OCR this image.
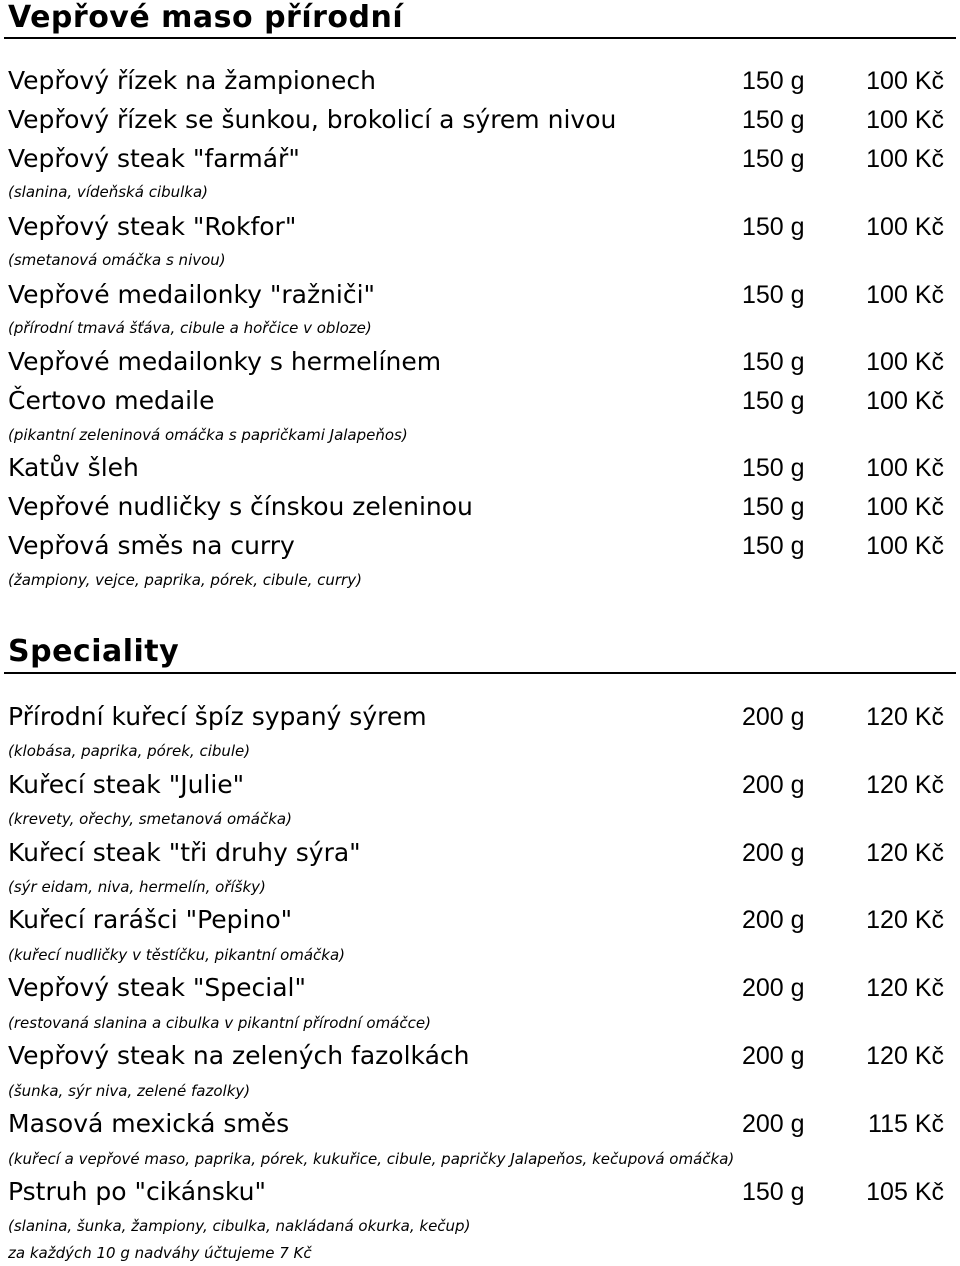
Vepřové maso přírodní
Vepřový řízek na žampionech	150 g 100 Kč
Vepřový řízek se šunkou, brokolicí a sýrem nivou	150 g 100 Kč
Vepřový steak "farmář"	150 g 100 Kč
(slanina, vídeňská cibulka)
Vepřový steak "Rokfor"	150 g 100 Kč
(smetanová omáčka s nivou)
Vepřové medailonky "ražniči"	150 g 100 Kč
(přírodní tmavá šťáva, cibule a hořčice v obloze)
Vepřové medailonky s hermelínem	150 g 100 Kč
Čertovo medaile	150 g 100 Kč
(pikantní zeleninová omáčka s papričkami Jalapeňos)
Katův šleh	150 g 100 Kč
Vepřové nudličky s čínskou zeleninou	150 g 100 Kč
Vepřová směs na curry	150 g 100 Kč
(žampiony, vejce, paprika, pórek, cibule, curry)
Speciality
Přírodní kuřecí špíz sypaný sýrem	200 g 120 Kč
(klobása, paprika, pórek, cibule)
Kuřecí steak "Julie"	200 g 120 Kč
(krevety, ořechy, smetanová omáčka)
Kuřecí steak "tři druhy sýra"	200 g 120 Kč
(sýr eidam, niva, hermelín, oříšky)
Kuřecí rarášci "Pepino"	200 g 120 Kč
(kuřecí nudličky v těstíčku, pikantní omáčka)
Vepřový steak "Special"	200 g 120 Kč
(restovaná slanina a cibulka v pikantní přírodní omáčce)
Vepřový steak na zelených fazolkách	200 g 120 Kč
(šunka, sýr niva, zelené fazolky)
Masová mexická směs	200 g	115 Kč
(kuřecí a vepřové maso, paprika, pórek, kukuřice, cibule, papričky Jalapeňos, kečupová omáčka)
Pstruh po "cikánsku"	150 g 105 Kč
(slanina, šunka, žampiony, cibulka, nakládaná okurka, kečup)
za každých 10 g nadváhy účtujeme 7 Kč
